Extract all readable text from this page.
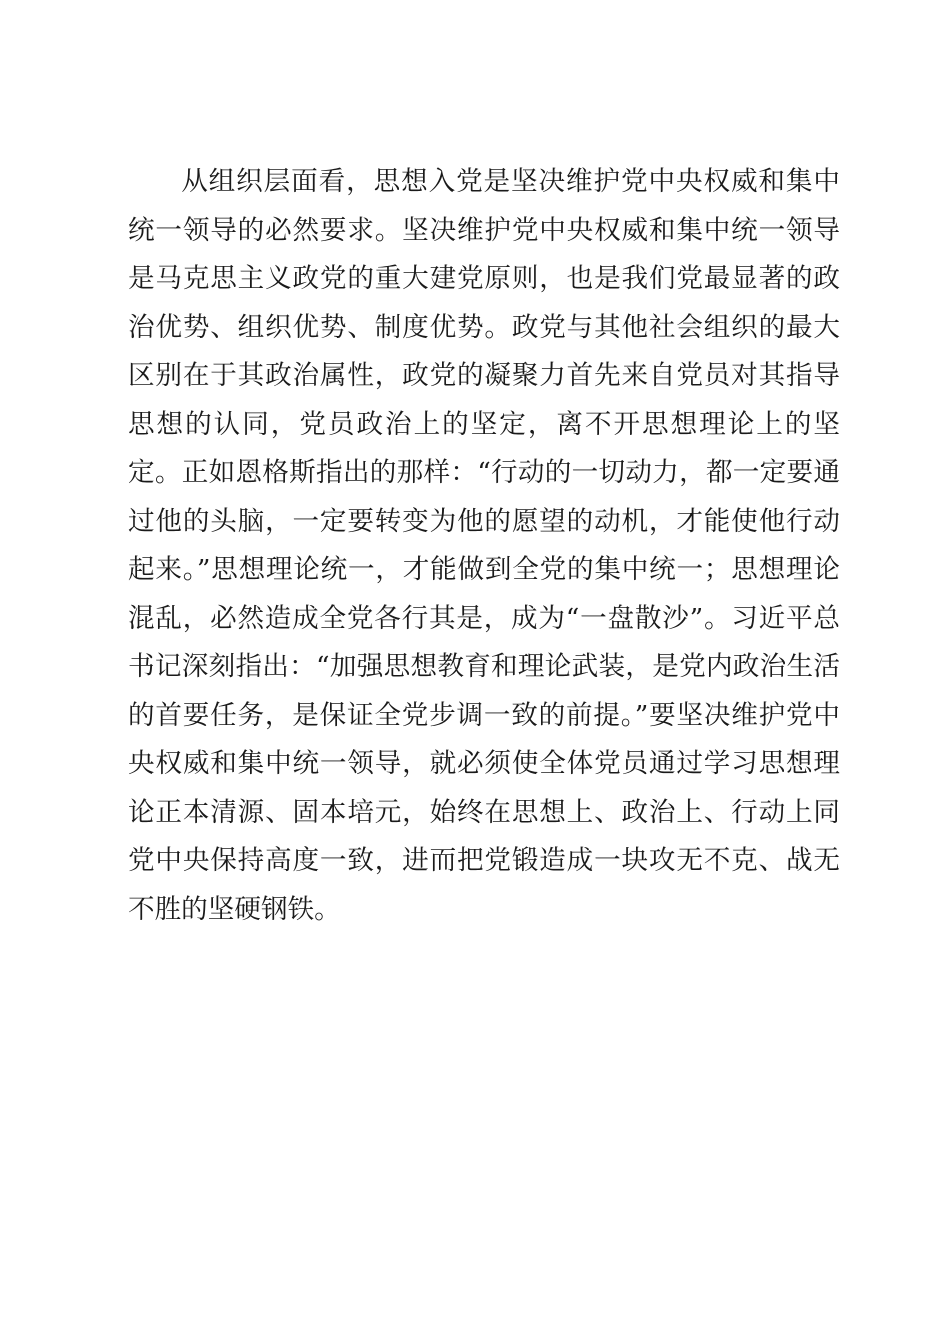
从组织层面看，思想入党是坚决维护党中央权威和集中统一领导的必然要求。坚决维护党中央权威和集中统一领导是马克思主义政党的重大建党原则，也是我们党最显著的政治优势、组织优势、制度优势。政党与其他社会组织的最大区别在于其政治属性，政党的凝聚力首先来自党员对其指导思想的认同，党员政治上的坚定，离不开思想理论上的坚定。正如恩格斯指出的那样：“行动的一切动力，都一定要通过他的头脑，一定要转变为他的愿望的动机，才能使他行动起来。”思想理论统一，才能做到全党的集中统一；思想理论混乱，必然造成全党各行其是，成为“一盘散沙”。习近平总书记深刻指出：“加强思想教育和理论武装，是党内政治生活的首要任务，是保证全党步调一致的前提。”要坚决维护党中央权威和集中统一领导，就必须使全体党员通过学习思想理论正本清源、固本培元，始终在思想上、政治上、行动上同党中央保持高度一致，进而把党锻造成一块攻无不克、战无不胜的坚硬钢铁。
